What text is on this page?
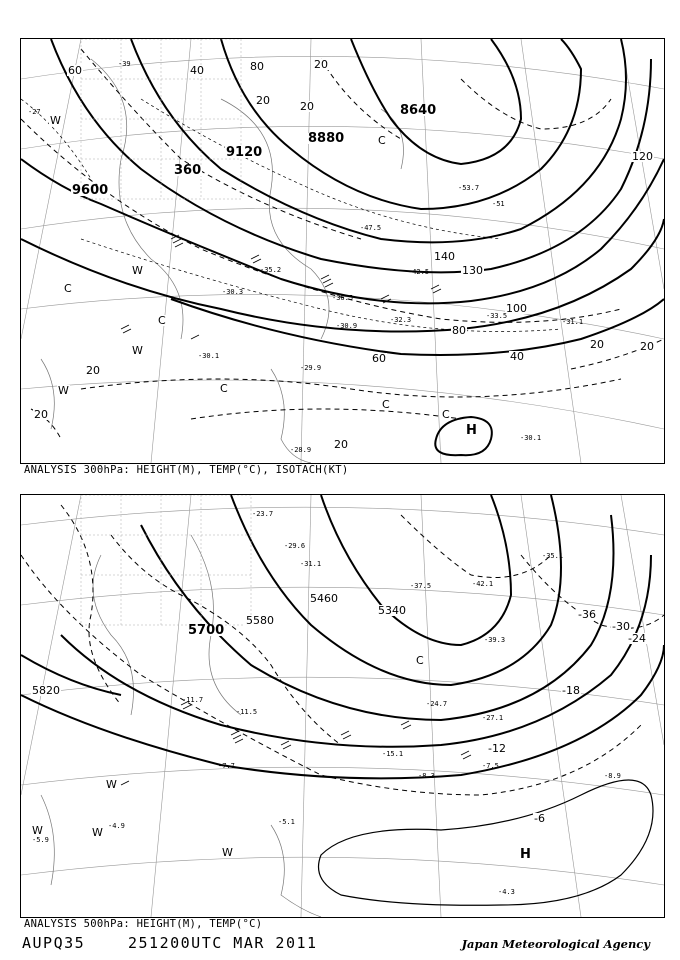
9600
360
9120
8880
8640
60	40	80	20
20	20
120
140
130
100
80
60	40
20	20
20
20
20
W
W
C
C
W
W	C
C
C
H
C
-39
-27
-51
-53.7
-42.5
-47.5
-36.5
-32.3	-33.5
-31.1
-30.9
-35.2
-30.3
-29.9
-30.1
-28.9
-30.1
ANALYSIS 300hPa: HEIGHT(M), TEMP(°C), ISOTACH(KT)
5700
5580
5820
5460
5340	-36
-30
-24
-18
-12
-6
W
W
W
W
C
H
-23.7
-29.6
-31.1
-37.5	-42.1
-39.3
-35.1
-11.7
-11.5
-7.7
-5.1
-8.9
-4.3
-15.1
-8.3
-7.5
-27.1
-24.7
-5.9
-4.9
ANALYSIS 500hPa: HEIGHT(M), TEMP(°C)
AUPQ35	251200UTC MAR 2011	Japan Meteorological Agency
